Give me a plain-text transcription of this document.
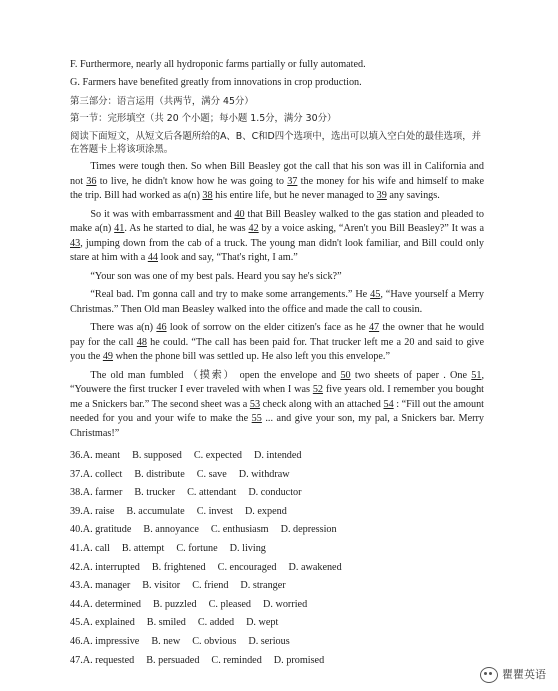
F. Furthermore, nearly all hydroponic farms partially or fully automated.

G. Farmers have benefited greatly from innovations in crop production.

第三部分：语言运用（共两节，满分 45分）

第一节：完形填空（共 20 个小题；每小题 1.5分，满分 30分）

阅读下面短文，从短文后各题所给的A、B、C和D四个选项中，选出可以填入空白处的最佳选项，并在答题卡上将该项涂黑。

Times were tough then. So when Bill Beasley got the call that his son was ill in California and not 36 to live, he didn't know how he was going to 37 the money for his wife and himself to make the trip. Bill had worked as a(n) 38 his entire life, but he never managed to 39 any savings.

So it was with embarrassment and 40 that Bill Beasley walked to the gas station and pleaded to make a(n) 41. As he started to dial, he was 42 by a voice asking, “Aren't you Bill Beasley?” It was a 43, jumping down from the cab of a truck. The young man didn't look familiar, and Bill could only stare at him with a 44 look and say, “That's right, I am.”

“Your son was one of my best pals. Heard you say he's sick?”

“Real bad. I'm gonna call and try to make some arrangements.” He 45, “Have yourself a Merry Christmas.” Then Old man Beasley walked into the office and made the call to cousin.

There was a(n) 46 look of sorrow on the elder citizen's face as he 47 the owner that he would pay for the call 48 he could. “The call has been paid for. That trucker left me a 20 and said to give you the 49 when the phone bill was settled up. He also left you this envelope.”

The old man fumbled （摸索） open the envelope and 50 two sheets of paper . One 51, “Youwere the first trucker I ever traveled with when I was 52 five years old. I remember you bought me a Snickers bar.” The second sheet was a 53 check along with an attached 54 : “Fill out the amount needed for you and your wife to make the 55 ... and give your son, my pal, a Snickers bar. Merry Christmas!”

36.A. meant B. supposed C. expected D. intended

37.A. collect B. distribute C. save D. withdraw

38.A. farmer B. trucker C. attendant D. conductor

39.A. raise B. accumulate C. invest D. expend

40.A. gratitude B. annoyance C. enthusiasm D. depression

41.A. call B. attempt C. fortune D. living

42.A. interrupted B. frightened C. encouraged D. awakened

43.A. manager B. visitor C. friend D. stranger

44.A. determined B. puzzled C. pleased D. worried

45.A. explained B. smiled C. added D. wept

46.A. impressive B. new C. obvious D. serious

47.A. requested B. persuaded C. reminded D. promised

瞿瞿英语
